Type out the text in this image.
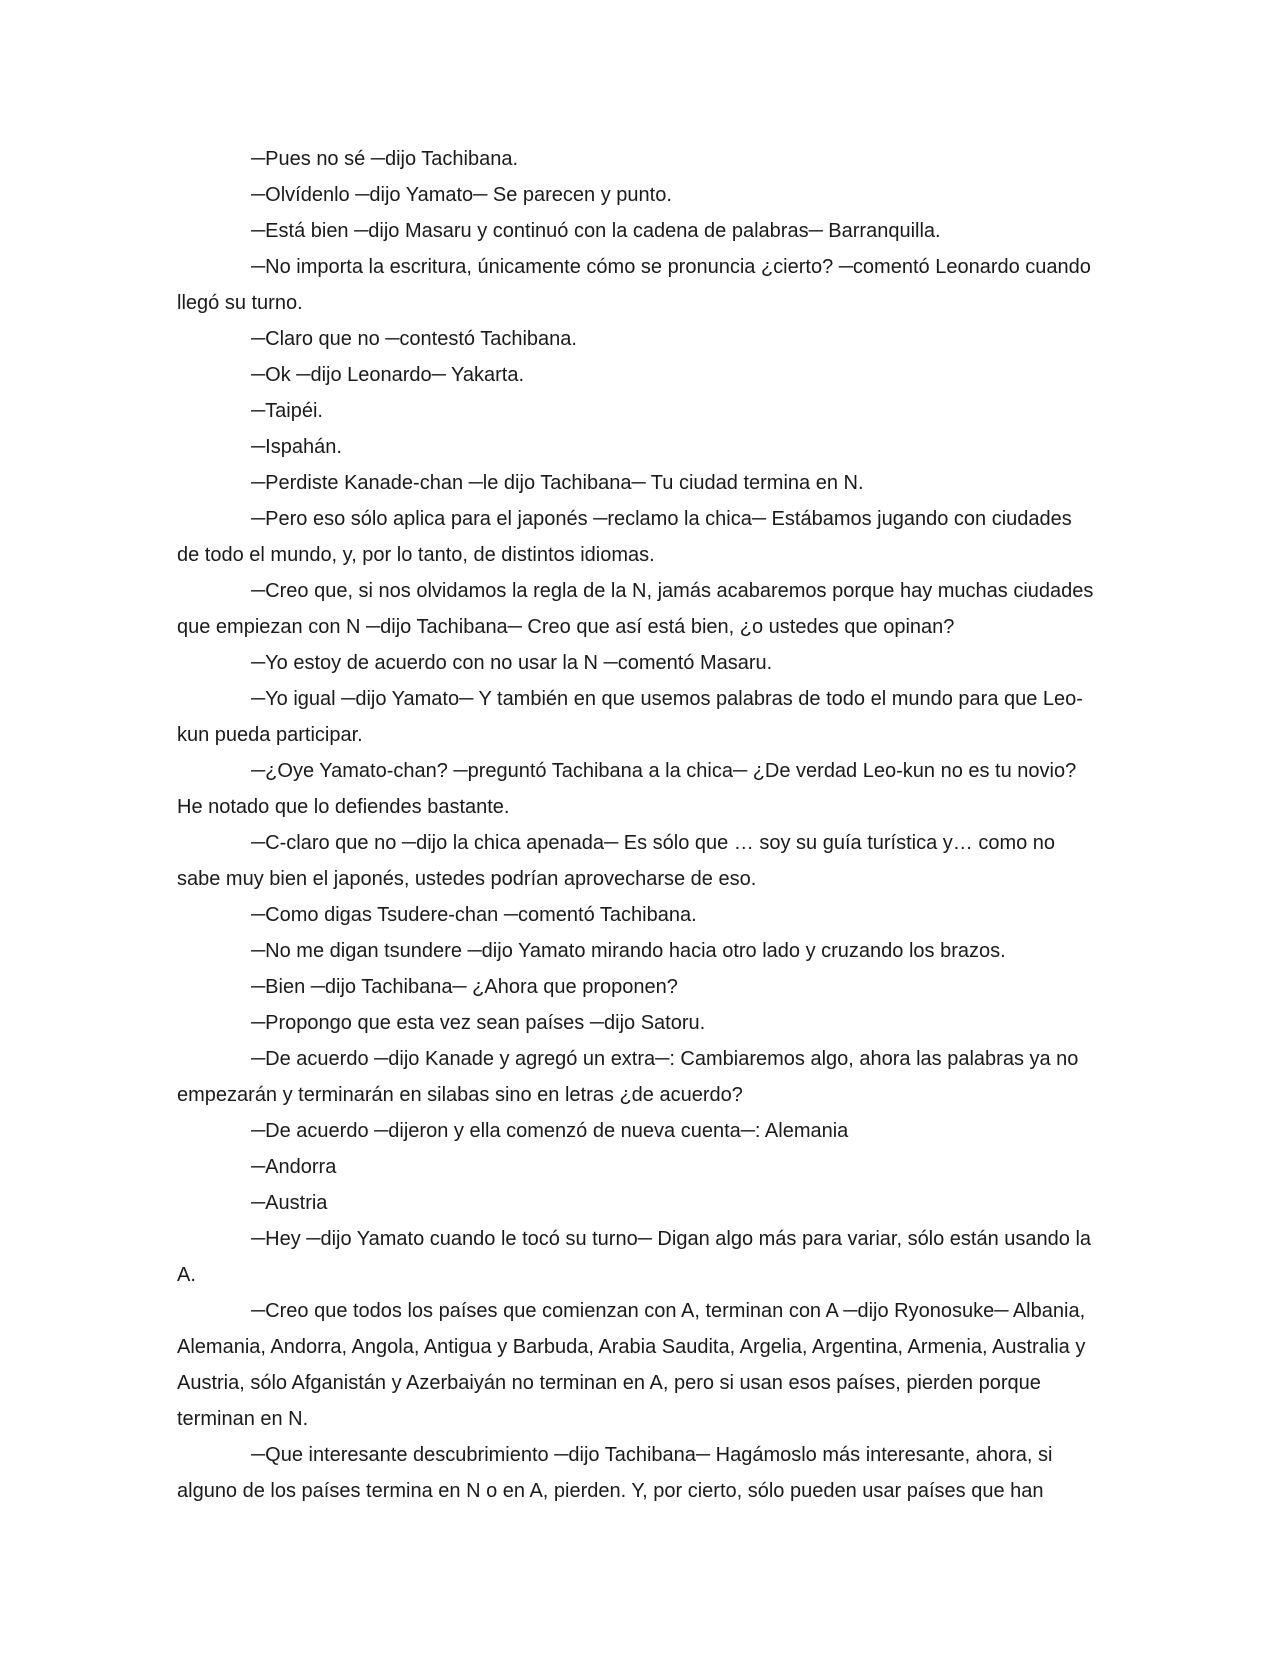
─Pues no sé ─dijo Tachibana.

─Olvídenlo ─dijo Yamato─ Se parecen y punto.

─Está bien ─dijo Masaru y continuó con la cadena de palabras─ Barranquilla.

─No importa la escritura, únicamente cómo se pronuncia ¿cierto? ─comentó Leonardo cuando llegó su turno.

─Claro que no ─contestó Tachibana.

─Ok ─dijo Leonardo─ Yakarta.

─Taipéi.

─Ispahán.

─Perdiste Kanade-chan ─le dijo Tachibana─ Tu ciudad termina en N.

─Pero eso sólo aplica para el japonés ─reclamo la chica─ Estábamos jugando con ciudades de todo el mundo, y, por lo tanto, de distintos idiomas.

─Creo que, si nos olvidamos la regla de la N, jamás acabaremos porque hay muchas ciudades que empiezan con N ─dijo Tachibana─ Creo que así está bien, ¿o ustedes que opinan?

─Yo estoy de acuerdo con no usar la N ─comentó Masaru.

─Yo igual ─dijo Yamato─ Y también en que usemos palabras de todo el mundo para que Leo-kun pueda participar.

─¿Oye Yamato-chan? ─preguntó Tachibana a la chica─ ¿De verdad Leo-kun no es tu novio? He notado que lo defiendes bastante.

─C-claro que no ─dijo la chica apenada─ Es sólo que … soy su guía turística y… como no sabe muy bien el japonés, ustedes podrían aprovecharse de eso.

─Como digas Tsudere-chan ─comentó Tachibana.

─No me digan tsundere ─dijo Yamato mirando hacia otro lado y cruzando los brazos.

─Bien ─dijo Tachibana─ ¿Ahora que proponen?

─Propongo que esta vez sean países ─dijo Satoru.

─De acuerdo ─dijo Kanade y agregó un extra─: Cambiaremos algo, ahora las palabras ya no empezarán y terminarán en silabas sino en letras ¿de acuerdo?

─De acuerdo ─dijeron y ella comenzó de nueva cuenta─: Alemania

─Andorra

─Austria

─Hey ─dijo Yamato cuando le tocó su turno─ Digan algo más para variar, sólo están usando la A.

─Creo que todos los países que comienzan con A, terminan con A ─dijo Ryonosuke─ Albania, Alemania, Andorra, Angola, Antigua y Barbuda, Arabia Saudita, Argelia, Argentina, Armenia, Australia y Austria, sólo Afganistán y Azerbaiyán no terminan en A, pero si usan esos países, pierden porque terminan en N.

─Que interesante descubrimiento ─dijo Tachibana─ Hagámoslo más interesante, ahora, si alguno de los países termina en N o en A, pierden. Y, por cierto, sólo pueden usar países que han
